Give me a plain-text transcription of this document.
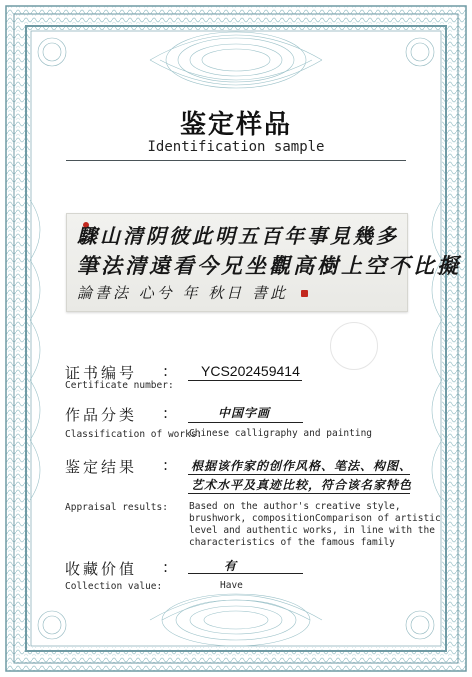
鉴定样品
Identification sample
驟山清阴彼此明五百年事見幾多
筆法清遠看今兄坐觀高樹上空不比擬
論書法 心兮 年 秋日 書此
证书编号 :
Certificate number:
YCS202459414
作品分类 :	中国字画
Classification of works:
Chinese calligraphy and painting
鉴定结果 : 根据该作家的创作风格、笔法、构图、
艺术水平及真迹比较，符合该名家特色
Appraisal results: Based on the author's creative style,
brushwork, compositionComparison of artistic
level and authentic works, in line with the
characteristics of the famous family
收藏价值 :	有
Collection value:	Have
